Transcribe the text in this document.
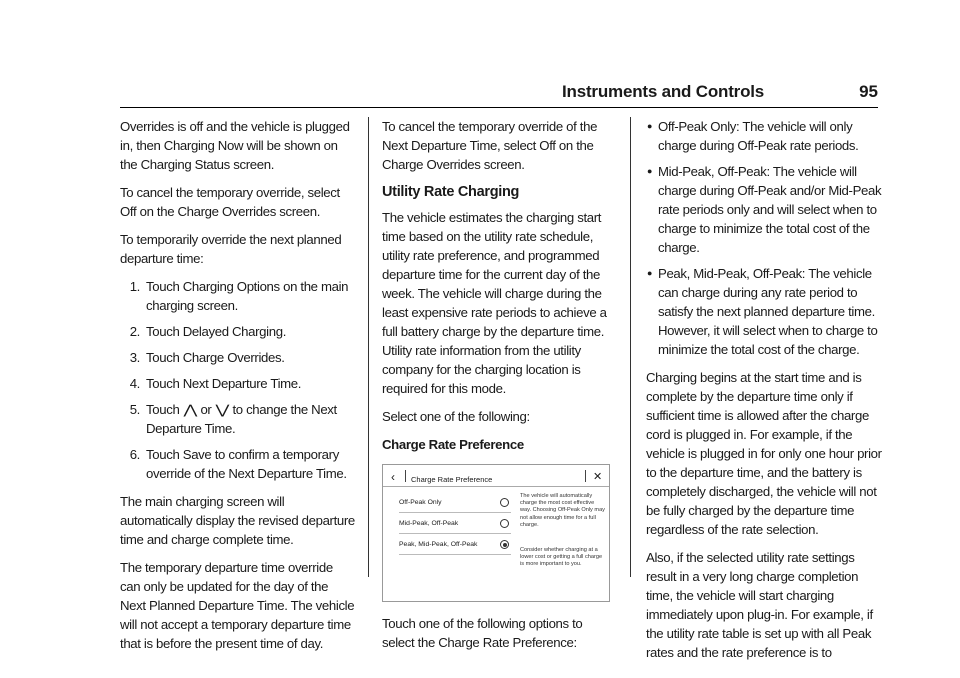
Instruments and Controls	95

Overrides is off and the vehicle is plugged in, then Charging Now will be shown on the Charging Status screen.

To cancel the temporary override, select Off on the Charge Overrides screen.

To temporarily override the next planned departure time:

1. Touch Charging Options on the main charging screen.
2. Touch Delayed Charging.
3. Touch Charge Overrides.
4. Touch Next Departure Time.
5. Touch ⋀ or ⋁ to change the Next Departure Time.
6. Touch Save to confirm a temporary override of the Next Departure Time.

The main charging screen will automatically display the revised departure time and charge complete time.

The temporary departure time override can only be updated for the day of the Next Planned Departure Time. The vehicle will not accept a temporary departure time that is before the present time of day.

To cancel the temporary override of the Next Departure Time, select Off on the Charge Overrides screen.

Utility Rate Charging

The vehicle estimates the charging start time based on the utility rate schedule, utility rate preference, and programmed departure time for the current day of the week. The vehicle will charge during the least expensive rate periods to achieve a full battery charge by the departure time. Utility rate information from the utility company for the charging location is required for this mode.

Select one of the following:

Charge Rate Preference
‹ Charge Rate Preference	✕
Off-Peak Only
Mid-Peak, Off-Peak
Peak, Mid-Peak, Off-Peak
The vehicle will automatically charge the most cost effective way. Choosing Off-Peak Only may not allow enough time for a full charge.
Consider whether charging at a lower cost or getting a full charge is more important to you.

Touch one of the following options to select the Charge Rate Preference:

● Off-Peak Only: The vehicle will only charge during Off-Peak rate periods.
● Mid-Peak, Off-Peak: The vehicle will charge during Off-Peak and/or Mid-Peak rate periods only and will select when to charge to minimize the total cost of the charge.
● Peak, Mid-Peak, Off-Peak: The vehicle can charge during any rate period to satisfy the next planned departure time. However, it will select when to charge to minimize the total cost of the charge.

Charging begins at the start time and is complete by the departure time only if sufficient time is allowed after the charge cord is plugged in. For example, if the vehicle is plugged in for only one hour prior to the departure time, and the battery is completely discharged, the vehicle will not be fully charged by the departure time regardless of the rate selection.

Also, if the selected utility rate settings result in a very long charge completion time, the vehicle will start charging immediately upon plug-in. For example, if the utility rate table is set up with all Peak rates and the rate preference is to
